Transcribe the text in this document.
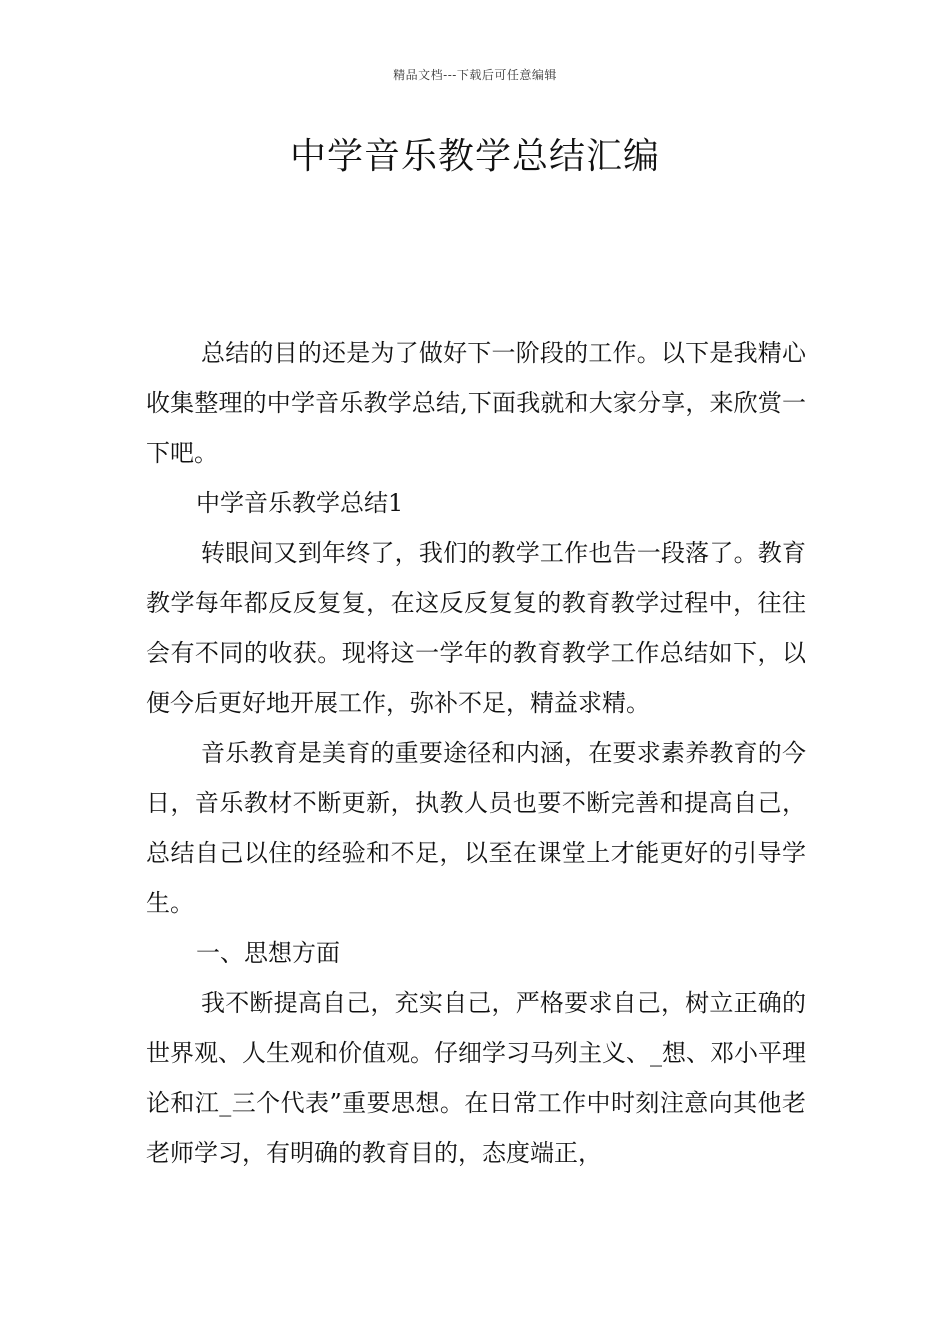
精品文档---下载后可任意编辑
中学音乐教学总结汇编

总结的目的还是为了做好下一阶段的工作。以下是我精心收集整理的中学音乐教学总结,下面我就和大家分享，来欣赏一下吧。

中学音乐教学总结1

转眼间又到年终了，我们的教学工作也告一段落了。教育教学每年都反反复复，在这反反复复的教育教学过程中，往往会有不同的收获。现将这一学年的教育教学工作总结如下，以便今后更好地开展工作，弥补不足，精益求精。

音乐教育是美育的重要途径和内涵，在要求素养教育的今日，音乐教材不断更新，执教人员也要不断完善和提高自己，总结自己以住的经验和不足，以至在课堂上才能更好的引导学生。

一、思想方面

我不断提高自己，充实自己，严格要求自己，树立正确的世界观、人生观和价值观。仔细学习马列主义、_想、邓小平理论和江_三个代表”重要思想。在日常工作中时刻注意向其他老老师学习，有明确的教育目的，态度端正，
